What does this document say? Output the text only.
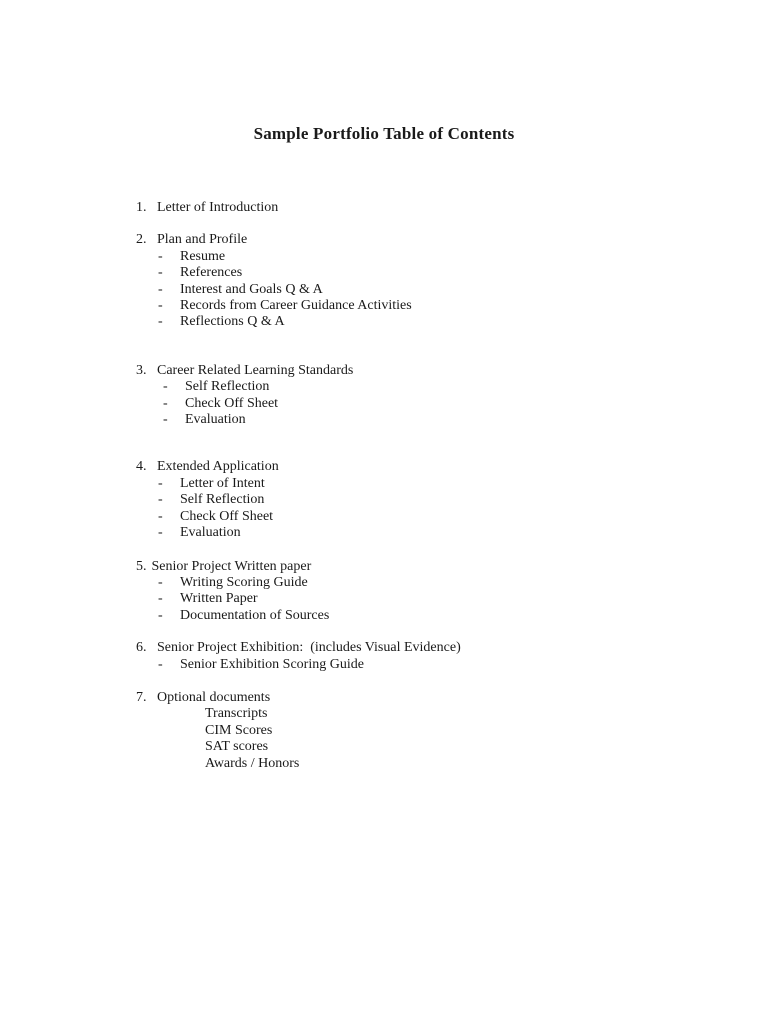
Sample Portfolio Table of Contents
1. Letter of Introduction
2. Plan and Profile
-	Resume
-	References
-	Interest and Goals Q & A
-	Records from Career Guidance Activities
-	Reflections Q & A
3. Career Related Learning Standards
-	Self Reflection
-	Check Off Sheet
-	Evaluation
4. Extended Application
-	Letter of Intent
-	Self Reflection
-	Check Off Sheet
-	Evaluation
5. Senior Project Written paper
-	Writing Scoring Guide
-	Written Paper
-	Documentation of Sources
6. Senior Project Exhibition:  (includes Visual Evidence)
-	Senior Exhibition Scoring Guide
7. Optional documents
Transcripts
CIM Scores
SAT scores
Awards / Honors
